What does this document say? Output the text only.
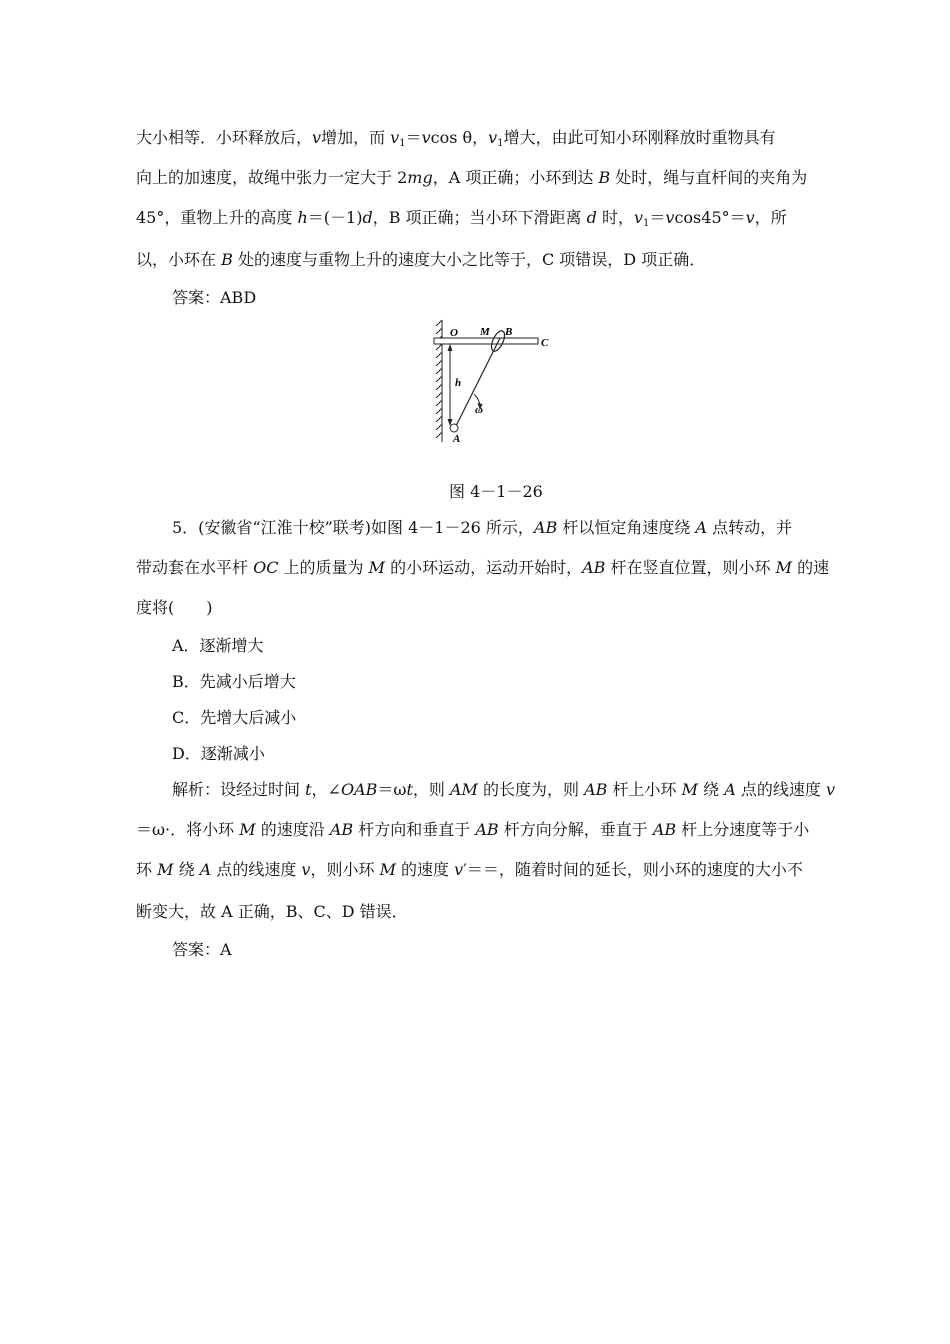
大小相等．小环释放后，v增加，而 $v_1=vcos$ θ，$v_1$增大，由此可知小环刚释放时重物具有
向上的加速度，故绳中张力一定大于 2mg，A 项正确；小环到达 B 处时，绳与直杆间的夹角为
45°，重物上升的高度 h＝(－1)d，B 项正确；当小环下滑距离 d 时，$v_1=vcos45^\circ=v$，所
以，小环在 B 处的速度与重物上升的速度大小之比等于，C 项错误，D 项正确．
答案：ABD
O M B
C
h
ω
A
图 4－1－26
5．(安徽省“江淮十校”联考)如图 4－1－26 所示，AB 杆以恒定角速度绕 A 点转动，并
带动套在水平杆 OC 上的质量为 M 的小环运动，运动开始时，AB 杆在竖直位置，则小环 M 的速
度将(　　)
A．逐渐增大
B．先减小后增大
C．先增大后减小
D．逐渐减小
解析：设经过时间 t，∠OAB＝ωt，则 AM 的长度为，则 AB 杆上小环 M 绕 A 点的线速度 v
＝ω·．将小环 M 的速度沿 AB 杆方向和垂直于 AB 杆方向分解，垂直于 AB 杆上分速度等于小
环 M 绕 A 点的线速度 v，则小环 M 的速度 v′＝＝，随着时间的延长，则小环的速度的大小不
断变大，故 A 正确，B、C、D 错误．
答案：A
